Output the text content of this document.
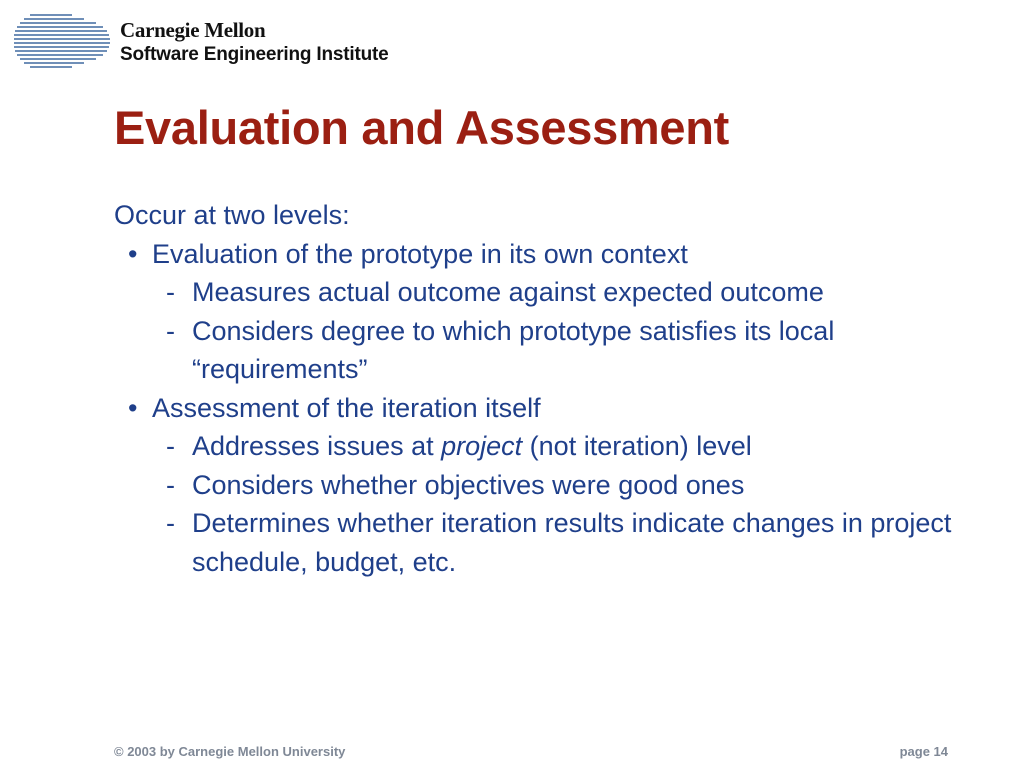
Carnegie Mellon
Software Engineering Institute
Evaluation and Assessment
Occur at two levels:
• Evaluation of the prototype in its own context
- Measures actual outcome against expected outcome
- Considers degree to which prototype satisfies its local “requirements”
• Assessment of the iteration itself
- Addresses issues at project (not iteration) level
- Considers whether objectives were good ones
- Determines whether iteration results indicate changes in project schedule, budget, etc.
© 2003 by Carnegie Mellon University	page 14
